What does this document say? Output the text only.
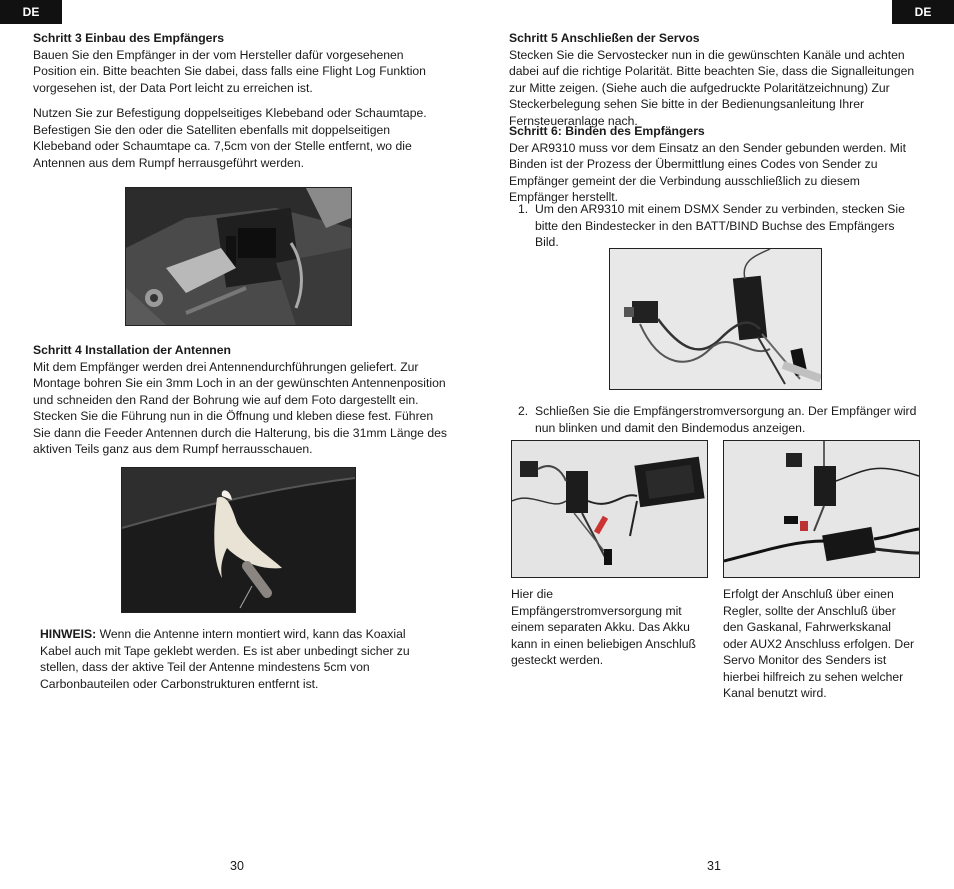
DE	DE
Schritt 3 Einbau des Empfängers

Bauen Sie den Empfänger in der vom Hersteller dafür vorgesehenen Position ein. Bitte beachten Sie dabei, dass falls eine Flight Log Funktion vorgesehen ist, der Data Port leicht zu erreichen ist.

Nutzen Sie zur Befestigung doppelseitiges Klebeband oder Schaumtape. Befestigen Sie den oder die Satelliten ebenfalls mit doppelseitigen Klebeband oder Schaumtape ca. 7,5cm von der Stelle entfernt, wo die Antennen aus dem Rumpf herrausgeführt werden.

Schritt 4 Installation der Antennen

Mit dem Empfänger werden drei Antennendurchführungen geliefert. Zur Montage bohren Sie ein 3mm Loch in an der gewünschten Antennenposition und schneiden den Rand der Bohrung wie auf dem Foto dargestellt ein. Stecken Sie die Führung nun in die Öffnung und kleben diese fest. Führen Sie dann die Feeder Antennen durch die Halterung, bis die 31mm Länge des aktiven Teils ganz aus dem Rumpf herrausschauen.

HINWEIS: Wenn die Antenne intern montiert wird, kann das Koaxial Kabel auch mit Tape geklebt werden. Es ist aber unbedingt sicher zu stellen, dass der aktive Teil der Antenne mindestens 5cm von Carbonbauteilen oder Carbonstrukturen entfernt ist.
30
Schritt 5 Anschließen der Servos

Stecken Sie die Servostecker nun in die gewünschten Kanäle und achten dabei auf die richtige Polarität. Bitte beachten Sie, dass die Signalleitungen zur Mitte zeigen. (Siehe auch die aufgedruckte Polaritätzeichnung) Zur Steckerbelegung sehen Sie bitte in der Bedienungsanleitung Ihrer Fernsteueranlage nach.

Schritt 6: Binden des Empfängers

Der AR9310 muss vor dem Einsatz an den Sender gebunden werden. Mit Binden ist der Prozess der Übermittlung eines Codes von Sender zu Empfänger gemeint der die Verbindung ausschließlich zu diesem Empfänger herstellt.

1. Um den AR9310 mit einem DSMX Sender zu verbinden, stecken Sie bitte den Bindestecker in den BATT/BIND Buchse des Empfängers Bild.
2. Schließen Sie die Empfängerstromversorgung an. Der Empfänger wird nun blinken und damit den Bindemodus anzeigen.
Hier die Empfängerstromversorgung mit einem separaten Akku. Das Akku kann in einen beliebigen Anschluß gesteckt werden.
Erfolgt der Anschluß über einen Regler, sollte der Anschluß über den Gaskanal, Fahrwerkskanal oder AUX2 Anschluss erfolgen. Der Servo Monitor des Senders ist hierbei hilfreich zu sehen welcher Kanal benutzt wird.
31
